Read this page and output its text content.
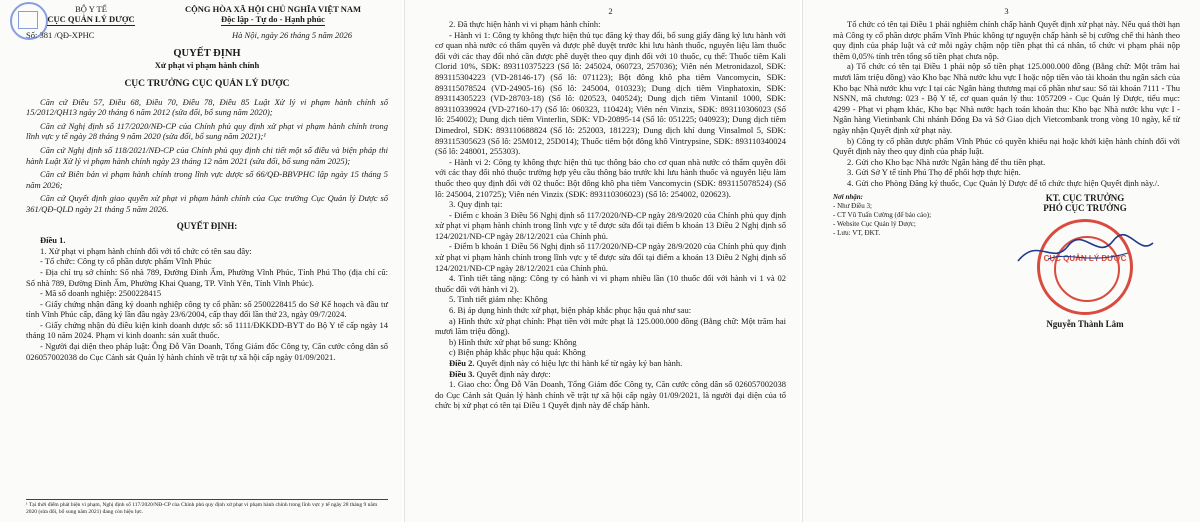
BỘ Y TẾ

CỤC QUẢN LÝ DƯỢC

CỘNG HÒA XÃ HỘI CHỦ NGHĨA VIỆT NAM

Độc lập - Tự do - Hạnh phúc

Số: 381 /QĐ-XPHC	Hà Nội, ngày 26 tháng 5 năm 2026

QUYẾT ĐỊNH

Xử phạt vi phạm hành chính

CỤC TRƯỞNG CỤC QUẢN LÝ DƯỢC

Căn cứ Điều 57, Điều 68, Điều 70, Điều 78, Điều 85 Luật Xử lý vi phạm hành chính số 15/2012/QH13 ngày 20 tháng 6 năm 2012 (sửa đổi, bổ sung năm 2020);

Căn cứ Nghị định số 117/2020/NĐ-CP của Chính phủ quy định xử phạt vi phạm hành chính trong lĩnh vực y tế ngày 28 tháng 9 năm 2020 (sửa đổi, bổ sung năm 2021);¹

Căn cứ Nghị định số 118/2021/NĐ-CP của Chính phủ quy định chi tiết một số điều và biện pháp thi hành Luật Xử lý vi phạm hành chính ngày 23 tháng 12 năm 2021 (sửa đổi, bổ sung năm 2025);

Căn cứ Biên bản vi phạm hành chính trong lĩnh vực dược số 66/QĐ-BBVPHC lập ngày 15 tháng 5 năm 2026;

Căn cứ Quyết định giao quyền xử phạt vi phạm hành chính của Cục trưởng Cục Quản lý Dược số 361/QĐ-QLD ngày 21 tháng 5 năm 2026.

QUYẾT ĐỊNH:

Điều 1.

1. Xử phạt vi phạm hành chính đối với tổ chức có tên sau đây:

- Tổ chức: Công ty cổ phần dược phẩm Vĩnh Phúc

- Địa chỉ trụ sở chính: Số nhà 789, Đường Đình Ấm, Phường Vĩnh Phúc, Tỉnh Phú Thọ (địa chỉ cũ: Số nhà 789, Đường Đình Ấm, Phường Khai Quang, TP. Vĩnh Yên, Tỉnh Vĩnh Phúc).

- Mã số doanh nghiệp: 2500228415

- Giấy chứng nhận đăng ký doanh nghiệp công ty cổ phần: số 2500228415 do Sở Kế hoạch và đầu tư tỉnh Vĩnh Phúc cấp, đăng ký lần đầu ngày 23/6/2004, cấp thay đổi lần thứ 23, ngày 09/7/2024.

- Giấy chứng nhận đủ điều kiện kinh doanh dược số: số 1111/ĐKKDD-BYT do Bộ Y tế cấp ngày 14 tháng 10 năm 2024. Phạm vi kinh doanh: sản xuất thuốc.

- Người đại diện theo pháp luật: Ông Đỗ Văn Doanh, Tổng Giám đốc Công ty, Căn cước công dân số 026057002038 do Cục Cảnh sát Quản lý hành chính về trật tự xã hội cấp ngày 01/09/2021.

¹ Tại thời điểm phát hiện vi phạm, Nghị định số 117/2020/NĐ-CP của Chính phủ quy định xử phạt vi phạm hành chính trong lĩnh vực y tế ngày 28 tháng 9 năm 2020 (sửa đổi, bổ sung năm 2021) đang còn hiệu lực.

2

2. Đã thực hiện hành vi vi phạm hành chính:

- Hành vi 1: Công ty không thực hiện thủ tục đăng ký thay đổi, bổ sung giấy đăng ký lưu hành với cơ quan nhà nước có thẩm quyền và được phê duyệt trước khi lưu hành thuốc, nguyên liệu làm thuốc đối với các thay đổi nhỏ cần được phê duyệt theo quy định đối với 10 thuốc, cụ thể: Thuốc tiêm Kali Clorid 10%, SĐK: 893110375223 (Số lô: 245024, 060723, 257036); Viên nén Metronidazol, SĐK: 893115304223 (VD-28146-17) (Số lô: 071123); Bột đông khô pha tiêm Vancomycin, SĐK: 893115078524 (VD-24905-16) (Số lô: 245004, 010323); Dung dịch tiêm Vinphatoxin, SĐK: 893114305223 (VD-28703-18) (Số lô: 020523, 040524); Dung dịch tiêm Vintanil 1000, SĐK: 893110339924 (VD-27160-17) (Số lô: 060323, 110424); Viên nén Vinzix, SĐK: 893110306023 (Số lô: 254002); Dung dịch tiêm Vinterlin, SĐK: VD-20895-14 (Số lô: 051225; 040923); Dung dịch tiêm Dimedrol, SĐK: 893110688824 (Số lô: 252003, 181223); Dung dịch khí dung Vinsalmol 5, SĐK: 893115305623 (Số lô: 25M012, 25D014); Thuốc tiêm bột đông khô Vintrypsine, SĐK: 893110340024 (Số lô: 248001, 255303).

- Hành vi 2: Công ty không thực hiện thủ tục thông báo cho cơ quan nhà nước có thẩm quyền đối với các thay đổi nhỏ thuộc trường hợp yêu cầu thông báo trước khi lưu hành thuốc và nguyên liệu làm thuốc theo quy định đối với 02 thuốc: Bột đông khô pha tiêm Vancomycin (SĐK: 893115078524) (Số lô: 245004, 210725); Viên nén Vinzix (SĐK: 893110306023) (Số lô: 254002, 020623).

3. Quy định tại:

- Điểm c khoản 3 Điều 56 Nghị định số 117/2020/NĐ-CP ngày 28/9/2020 của Chính phủ quy định xử phạt vi phạm hành chính trong lĩnh vực y tế được sửa đổi tại điểm b khoản 13 Điều 2 Nghị định số 124/2021/NĐ-CP ngày 28/12/2021 của Chính phủ.

- Điểm b khoản 1 Điều 56 Nghị định số 117/2020/NĐ-CP ngày 28/9/2020 của Chính phủ quy định xử phạt vi phạm hành chính trong lĩnh vực y tế được sửa đổi tại điểm a khoản 13 Điều 2 Nghị định số 124/2021/NĐ-CP ngày 28/12/2021 của Chính phủ.

4. Tình tiết tăng nặng: Công ty có hành vi vi phạm nhiều lần (10 thuốc đối với hành vi 1 và 02 thuốc đối với hành vi 2).

5. Tình tiết giảm nhẹ: Không

6. Bị áp dụng hình thức xử phạt, biện pháp khắc phục hậu quả như sau:

a) Hình thức xử phạt chính: Phạt tiền với mức phạt là 125.000.000 đồng (Bằng chữ: Một trăm hai mươi lăm triệu đồng).

b) Hình thức xử phạt bổ sung: Không

c) Biện pháp khắc phục hậu quả: Không

Điều 2. Quyết định này có hiệu lực thi hành kể từ ngày ký ban hành.

Điều 3. Quyết định này được:

1. Giao cho: Ông Đỗ Văn Doanh, Tổng Giám đốc Công ty, Căn cước công dân số 026057002038 do Cục Cảnh sát Quản lý hành chính về trật tự xã hội cấp ngày 01/09/2021, là người đại diện của tổ chức bị xử phạt có tên tại Điều 1 Quyết định này để chấp hành.

3

Tổ chức có tên tại Điều 1 phải nghiêm chỉnh chấp hành Quyết định xử phạt này. Nếu quá thời hạn mà Công ty cổ phần dược phẩm Vĩnh Phúc không tự nguyện chấp hành sẽ bị cưỡng chế thi hành theo quy định của pháp luật và cứ mỗi ngày chậm nộp tiền phạt thì cá nhân, tổ chức vi phạm phải nộp thêm 0,05% tính trên tổng số tiền phạt chưa nộp.

a) Tổ chức có tên tại Điều 1 phải nộp số tiền phạt 125.000.000 đồng (Bằng chữ: Một trăm hai mươi lăm triệu đồng) vào Kho bạc Nhà nước khu vực I hoặc nộp tiền vào tài khoản thu ngân sách của Kho bạc Nhà nước khu vực I tại các Ngân hàng thương mại cổ phần như sau: Số tài khoản 7111 - Thu NSNN, mã chương: 023 - Bộ Y tế, cơ quan quản lý thu: 1057209 - Cục Quản lý Dược, tiểu mục: 4299 - Phạt vi phạm khác, Kho bạc Nhà nước hạch toán khoản thu: Kho bạc Nhà nước khu vực I - Ngân hàng Vietinbank Chi nhánh Đống Đa và Sở Giao dịch Vietcombank trong vòng 10 ngày, kể từ ngày nhận Quyết định xử phạt này.

b) Công ty cổ phần dược phẩm Vĩnh Phúc có quyền khiếu nại hoặc khởi kiện hành chính đối với Quyết định này theo quy định của pháp luật.

2. Gửi cho Kho bạc Nhà nước Ngân hàng để thu tiền phạt.

3. Gửi Sở Y tế tỉnh Phú Thọ để phối hợp thực hiện.

4. Gửi cho Phòng Đăng ký thuốc, Cục Quản lý Dược để tổ chức thực hiện Quyết định này./.

Nơi nhận:
- Như Điều 3;
- CT Vũ Tuấn Cường (để báo cáo);
- Website Cục Quản lý Dược;
- Lưu: VT, ĐKT.
KT. CỤC TRƯỞNG
PHÓ CỤC TRƯỞNG
CỤC QUẢN LÝ DƯỢC
Nguyễn Thành Lâm
